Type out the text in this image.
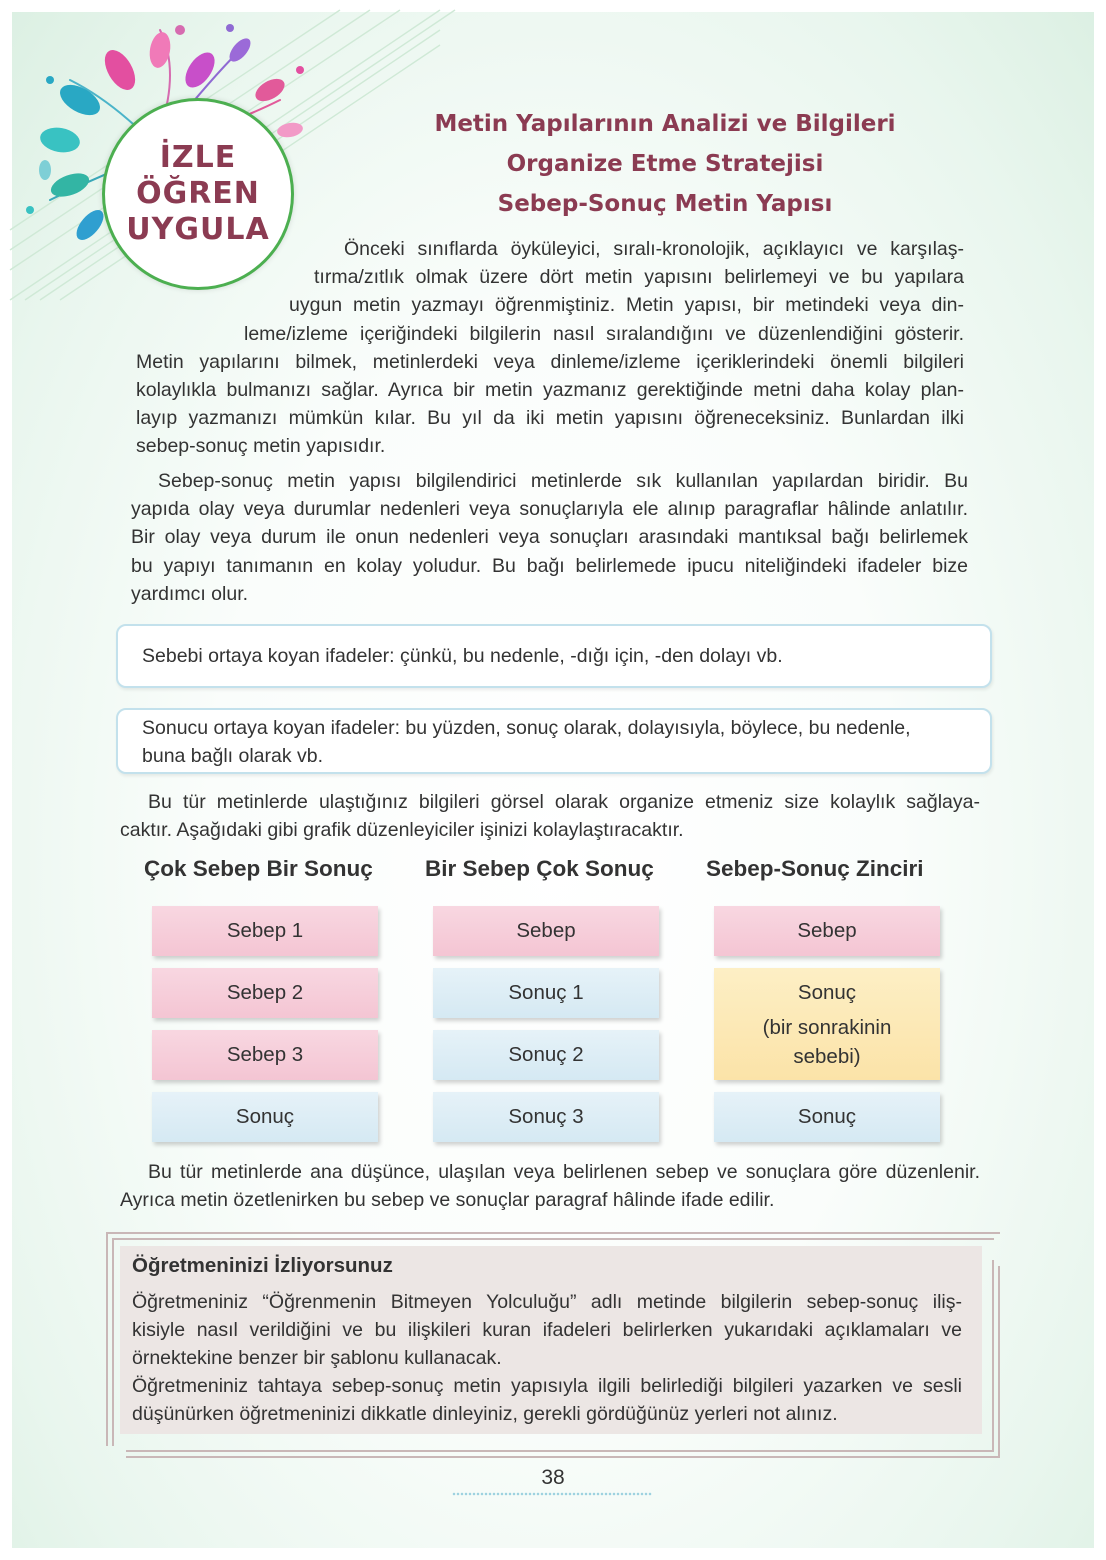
İZLE
ÖĞREN
UYGULA
Metin Yapılarının Analizi ve Bilgileri
Organize Etme Stratejisi
Sebep-Sonuç Metin Yapısı
Önceki sınıflarda öyküleyici, sıralı-kronolojik, açıklayıcı ve karşılaş-
tırma/zıtlık olmak üzere dört metin yapısını belirlemeyi ve bu yapılara
uygun metin yazmayı öğrenmiştiniz. Metin yapısı, bir metindeki veya din-
leme/izleme içeriğindeki bilgilerin nasıl sıralandığını ve düzenlendiğini gösterir.
Metin yapılarını bilmek, metinlerdeki veya dinleme/izleme içeriklerindeki önemli bilgileri
kolaylıkla bulmanızı sağlar. Ayrıca bir metin yazmanız gerektiğinde metni daha kolay plan-
layıp yazmanızı mümkün kılar. Bu yıl da iki metin yapısını öğreneceksiniz. Bunlardan ilki
sebep-sonuç metin yapısıdır.
Sebep-sonuç metin yapısı bilgilendirici metinlerde sık kullanılan yapılardan biridir. Bu
yapıda olay veya durumlar nedenleri veya sonuçlarıyla ele alınıp paragraflar hâlinde anlatılır.
Bir olay veya durum ile onun nedenleri veya sonuçları arasındaki mantıksal bağı belirlemek
bu yapıyı tanımanın en kolay yoludur. Bu bağı belirlemede ipucu niteliğindeki ifadeler bize
yardımcı olur.
Sebebi ortaya koyan ifadeler: çünkü, bu nedenle, -dığı için, -den dolayı vb.
Sonucu ortaya koyan ifadeler: bu yüzden, sonuç olarak, dolayısıyla, böylece, bu nedenle,
buna bağlı olarak vb.
Bu tür metinlerde ulaştığınız bilgileri görsel olarak organize etmeniz size kolaylık sağlaya-
caktır. Aşağıdaki gibi grafik düzenleyiciler işinizi kolaylaştıracaktır.
Çok Sebep Bir Sonuç Bir Sebep Çok Sonuç Sebep-Sonuç Zinciri
Sebep 1
Sebep 2
Sebep 3
Sonuç
Sebep
Sonuç 1
Sonuç 2
Sonuç 3
Sebep
Sonuç
(bir sonrakinin
sebebi)
Sonuç
Bu tür metinlerde ana düşünce, ulaşılan veya belirlenen sebep ve sonuçlara göre düzenlenir.
Ayrıca metin özetlenirken bu sebep ve sonuçlar paragraf hâlinde ifade edilir.
Öğretmeninizi İzliyorsunuz
Öğretmeniniz “Öğrenmenin Bitmeyen Yolculuğu” adlı metinde bilgilerin sebep-sonuç iliş-
kisiyle nasıl verildiğini ve bu ilişkileri kuran ifadeleri belirlerken yukarıdaki açıklamaları ve
örnektekine benzer bir şablonu kullanacak.
Öğretmeniniz tahtaya sebep-sonuç metin yapısıyla ilgili belirlediği bilgileri yazarken ve sesli
düşünürken öğretmeninizi dikkatle dinleyiniz, gerekli gördüğünüz yerleri not alınız.
38
